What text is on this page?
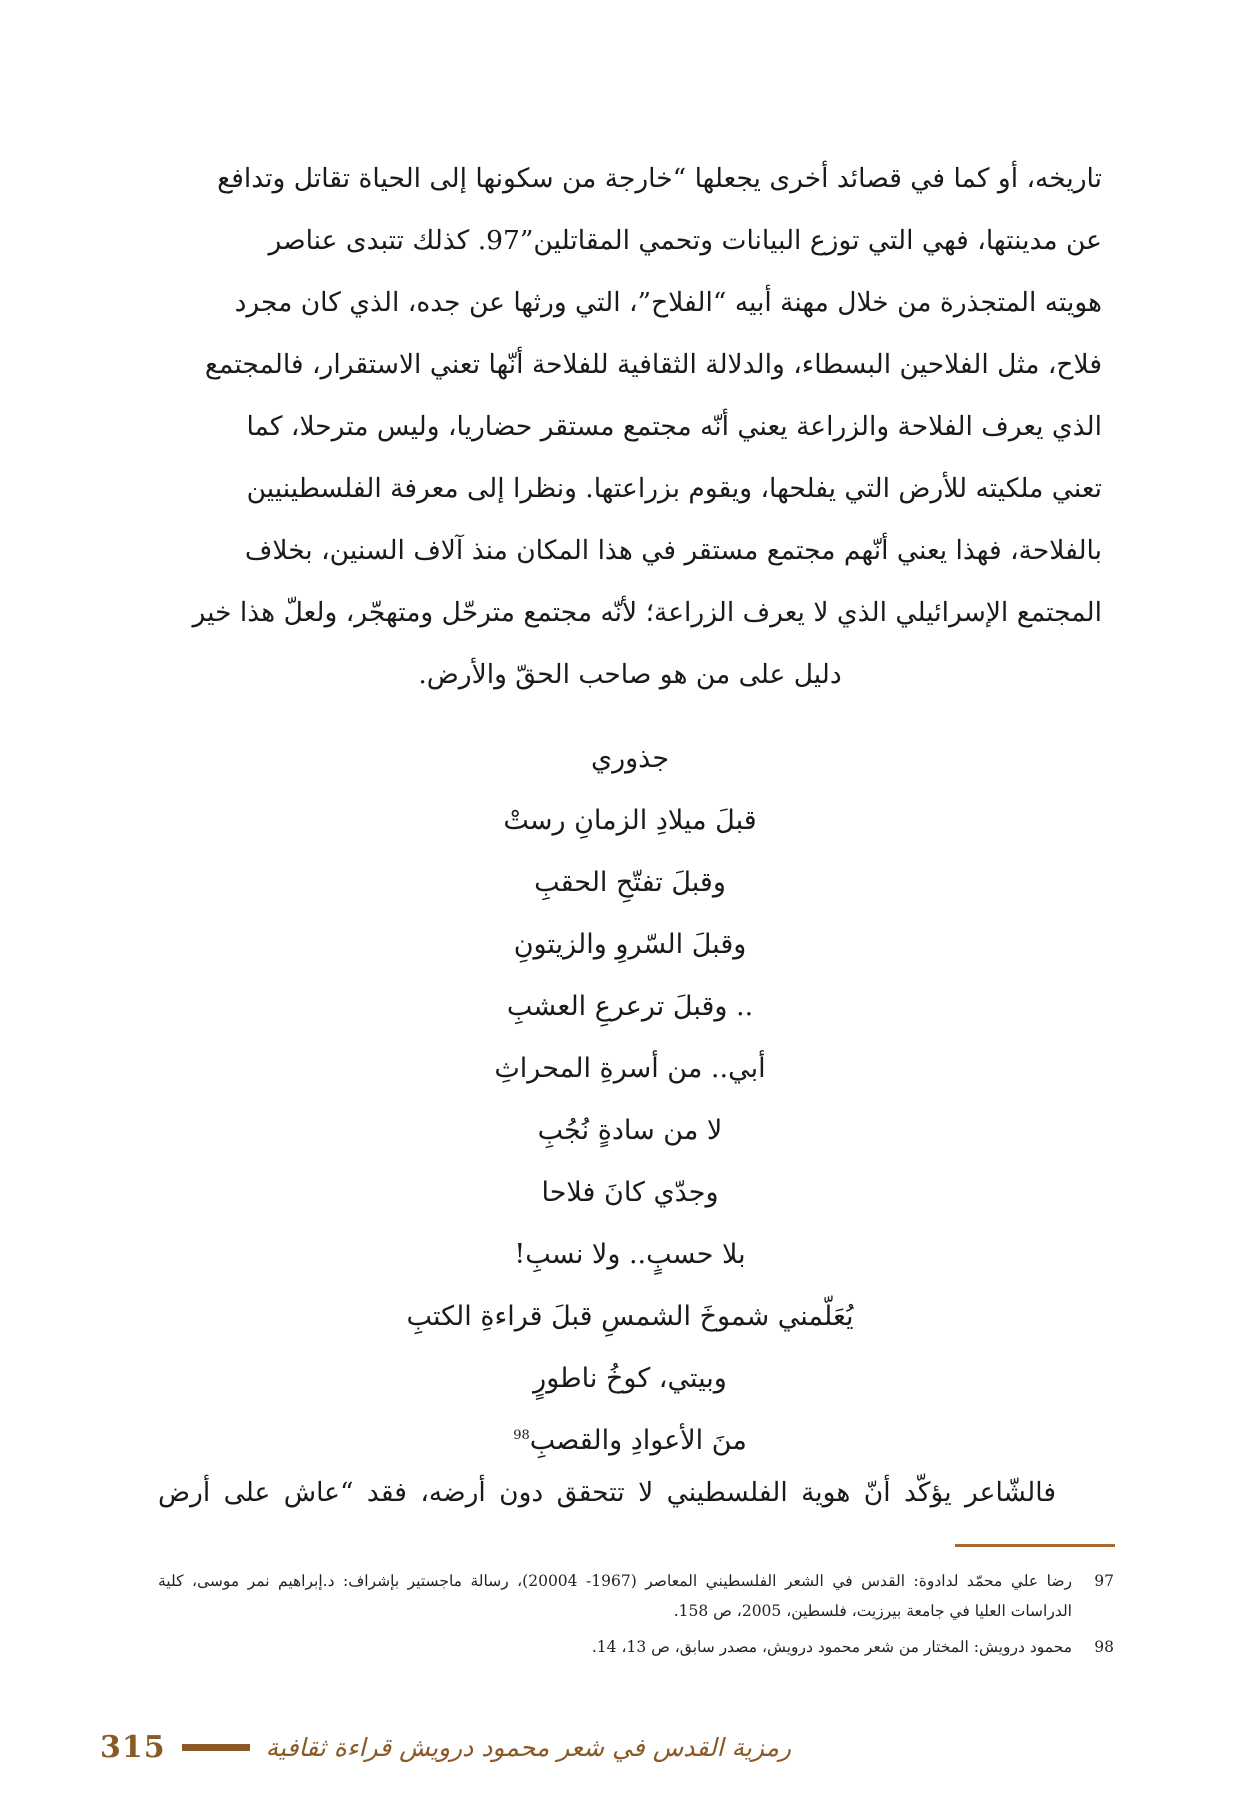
تاريخه، أو كما في قصائد أخرى يجعلها “خارجة من سكونها إلى الحياة تقاتل وتدافع

عن مدينتها، فهي التي توزع البيانات وتحمي المقاتلين”97. كذلك تتبدى عناصر

هويته المتجذرة من خلال مهنة أبيه “الفلاح”، التي ورثها عن جده، الذي كان مجرد

فلاح، مثل الفلاحين البسطاء، والدلالة الثقافية للفلاحة أنّها تعني الاستقرار، فالمجتمع

الذي يعرف الفلاحة والزراعة يعني أنّه مجتمع مستقر حضاريا، وليس مترحلا، كما

تعني ملكيته للأرض التي يفلحها، ويقوم بزراعتها. ونظرا إلى معرفة الفلسطينيين

بالفلاحة، فهذا يعني أنّهم مجتمع مستقر في هذا المكان منذ آلاف السنين، بخلاف

المجتمع الإسرائيلي الذي لا يعرف الزراعة؛ لأنّه مجتمع مترحّل ومتهجّر، ولعلّ هذا خير

دليل على من هو صاحب الحقّ والأرض.

جذوري
قبلَ ميلادِ الزمانِ رستْ
وقبلَ تفتّحِ الحقبِ
وقبلَ السّروِ والزيتونِ
.. وقبلَ ترعرعِ العشبِ
أبي.. من أسرةِ المحراثِ
لا من سادةٍ نُجُبِ
وجدّي كانَ فلاحا
بلا حسبٍ.. ولا نسبِ!
يُعَلّمني شموخَ الشمسِ قبلَ قراءةِ الكتبِ
وبيتي، كوخُ ناطورٍ
منَ الأعوادِ والقصبِ$^{98}$

فالشّاعر يؤكّد أنّ هوية الفلسطيني لا تتحقق دون أرضه، فقد “عاش على أرض

97
رضا علي محمّد لدادوة: القدس في الشعر الفلسطيني المعاصر (1967- 20004)، رسالة ماجستير بإشراف: د.إبراهيم نمر موسى، كلية الدراسات العليا في جامعة بيرزيت، فلسطين، 2005، ص 158.
98
محمود درويش: المختار من شعر محمود درويش، مصدر سابق، ص 13، 14.
315	رمزية القدس في شعر محمود درويش قراءة ثقافية
